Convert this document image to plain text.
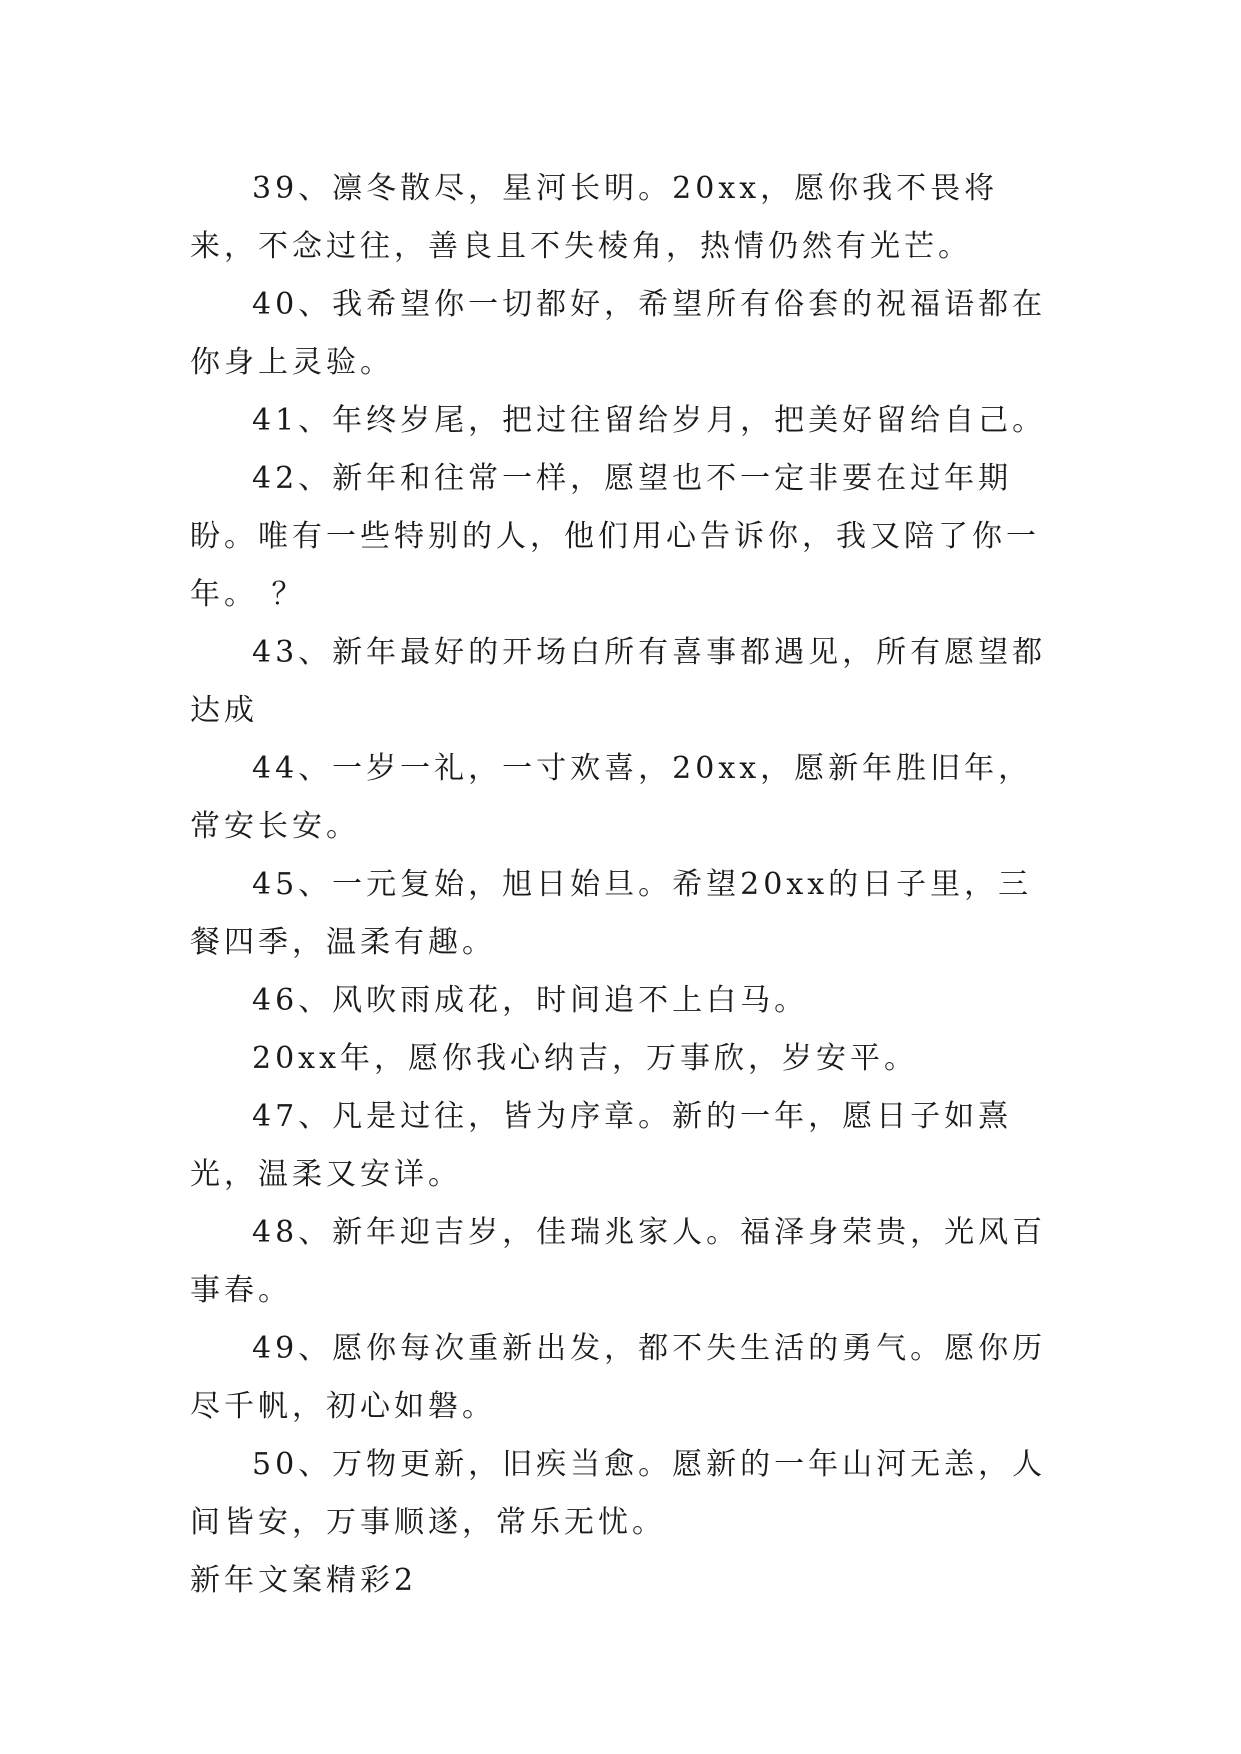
39、凛冬散尽，星河长明。20xx，愿你我不畏将来，不念过往，善良且不失棱角，热情仍然有光芒。

40、我希望你一切都好，希望所有俗套的祝福语都在你身上灵验。

41、年终岁尾，把过往留给岁月，把美好留给自己。

42、新年和往常一样，愿望也不一定非要在过年期盼。唯有一些特别的人，他们用心告诉你，我又陪了你一年。 ？

43、新年最好的开场白所有喜事都遇见，所有愿望都达成

44、一岁一礼，一寸欢喜，20xx，愿新年胜旧年，常安长安。

45、一元复始，旭日始旦。希望20xx的日子里，三餐四季，温柔有趣。

46、风吹雨成花，时间追不上白马。

20xx年，愿你我心纳吉，万事欣，岁安平。

47、凡是过往，皆为序章。新的一年，愿日子如熹光，温柔又安详。

48、新年迎吉岁，佳瑞兆家人。福泽身荣贵，光风百事春。

49、愿你每次重新出发，都不失生活的勇气。愿你历尽千帆，初心如磐。

50、万物更新，旧疾当愈。愿新的一年山河无恙，人间皆安，万事顺遂，常乐无忧。

新年文案精彩2
